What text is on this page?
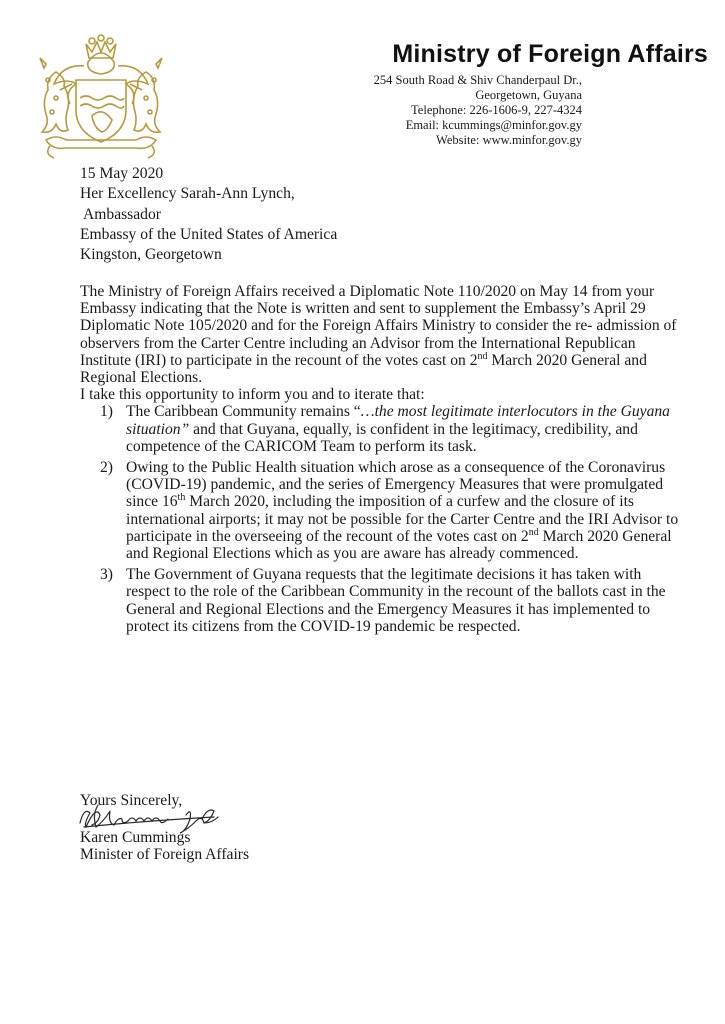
Ministry of Foreign Affairs
254 South Road & Shiv Chanderpaul Dr.,
Georgetown, Guyana
Telephone: 226-1606-9, 227-4324
Email: kcummings@minfor.gov.gy
Website: www.minfor.gov.gy
15 May 2020
Her Excellency Sarah-Ann Lynch,
Ambassador
Embassy of the United States of America
Kingston, Georgetown

The Ministry of Foreign Affairs received a Diplomatic Note 110/2020 on May 14 from your Embassy indicating that the Note is written and sent to supplement the Embassy’s April 29 Diplomatic Note 105/2020 and for the Foreign Affairs Ministry to consider the re- admission of observers from the Carter Centre including an Advisor from the International Republican Institute (IRI) to participate in the recount of the votes cast on 2nd March 2020 General and Regional Elections.

I take this opportunity to inform you and to iterate that:

1) The Caribbean Community remains “…the most legitimate interlocutors in the Guyana situation” and that Guyana, equally, is confident in the legitimacy, credibility, and competence of the CARICOM Team to perform its task.
2) Owing to the Public Health situation which arose as a consequence of the Coronavirus (COVID-19) pandemic, and the series of Emergency Measures that were promulgated since 16th March 2020, including the imposition of a curfew and the closure of its international airports; it may not be possible for the Carter Centre and the IRI Advisor to participate in the overseeing of the recount of the votes cast on 2nd March 2020 General and Regional Elections which as you are aware has already commenced.
3) The Government of Guyana requests that the legitimate decisions it has taken with respect to the role of the Caribbean Community in the recount of the ballots cast in the General and Regional Elections and the Emergency Measures it has implemented to protect its citizens from the COVID-19 pandemic be respected.
Yours Sincerely,
Karen Cummings
Minister of Foreign Affairs
